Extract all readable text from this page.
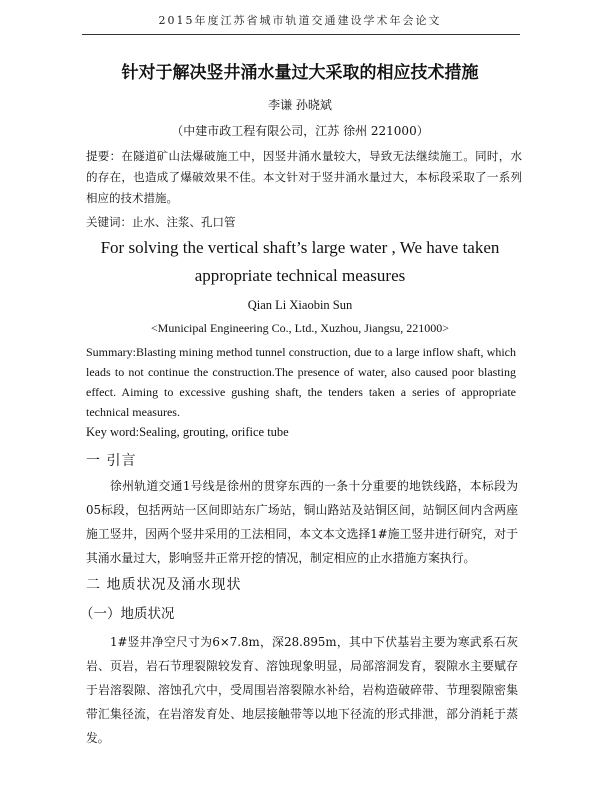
2015年度江苏省城市轨道交通建设学术年会论文
针对于解决竖井涌水量过大采取的相应技术措施
李谦 孙晓斌
（中建市政工程有限公司，江苏 徐州 221000）
提要：在隧道矿山法爆破施工中，因竖井涌水量较大，导致无法继续施工。同时，水的存在，也造成了爆破效果不佳。本文针对于竖井涌水量过大，本标段采取了一系列相应的技术措施。
关键词：止水、注浆、孔口管
For solving the vertical shaft’s large water , We have taken
appropriate technical measures
Qian Li Xiaobin Sun
<Municipal Engineering Co., Ltd., Xuzhou, Jiangsu, 221000>
Summary:Blasting mining method tunnel construction, due to a large inflow shaft, which leads to not continue the construction.The presence of water, also caused poor blasting effect. Aiming to excessive gushing shaft, the tenders taken a series of appropriate technical measures.
Key word:Sealing, grouting, orifice tube
一 引言
徐州轨道交通1号线是徐州的贯穿东西的一条十分重要的地铁线路，本标段为05标段，包括两站一区间即站东广场站，铜山路站及站铜区间，站铜区间内含两座施工竖井，因两个竖井采用的工法相同，本文本文选择1#施工竖井进行研究，对于其涌水量过大，影响竖井正常开挖的情况，制定相应的止水措施方案执行。
二 地质状况及涌水现状
（一）地质状况
1#竖井净空尺寸为6×7.8m，深28.895m，其中下伏基岩主要为寒武系石灰岩、页岩，岩石节理裂隙较发育、溶蚀现象明显，局部溶洞发育，裂隙水主要赋存于岩溶裂隙、溶蚀孔穴中，受周围岩溶裂隙水补给，岩构造破碎带、节理裂隙密集带汇集径流，在岩溶发育处、地层接触带等以地下径流的形式排泄，部分消耗于蒸发。
